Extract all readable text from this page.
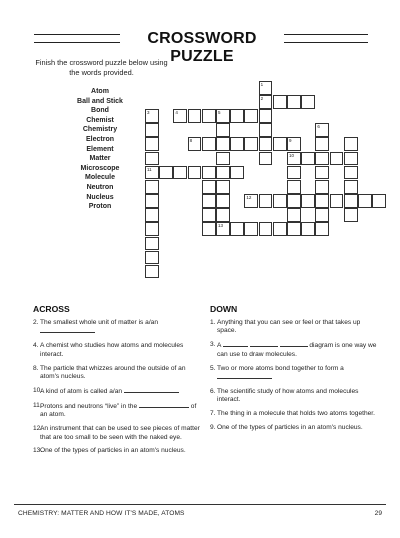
CROSSWORD PUZZLE
Finish the crossword puzzle below using the words provided.
Atom
Ball and Stick
Bond
Chemist
Chemistry
Electron
Element
Matter
Microscope
Molecule
Neutron
Nucleus
Proton
1
2
3
11
4	5
13
8	9
6
10
12
ACROSS	DOWN
2. The smallest whole unit of matter is a/an
4. A chemist who studies how atoms and molecules interact.
8. The particle that whizzes around the outside of an atom's nucleus.
10.
A kind of atom is called a/an
11.
Protons and neutrons “live” in the	of an atom.
12.
An instrument that can be used to see pieces of matter that are too small to be seen with the naked eye.
13.
One of the types of particles in an atom's nucleus.
1. Anything that you can see or feel or that takes up space.
3. A	diagram is one way we can use to draw molecules.
5. Two or more atoms bond together to form a
6. The scientific study of how atoms and molecules interact.
7. The thing in a molecule that holds two atoms together.
9. One of the types of particles in an atom's nucleus.
CHEMISTRY: MATTER AND HOW IT'S MADE, ATOMS	29
